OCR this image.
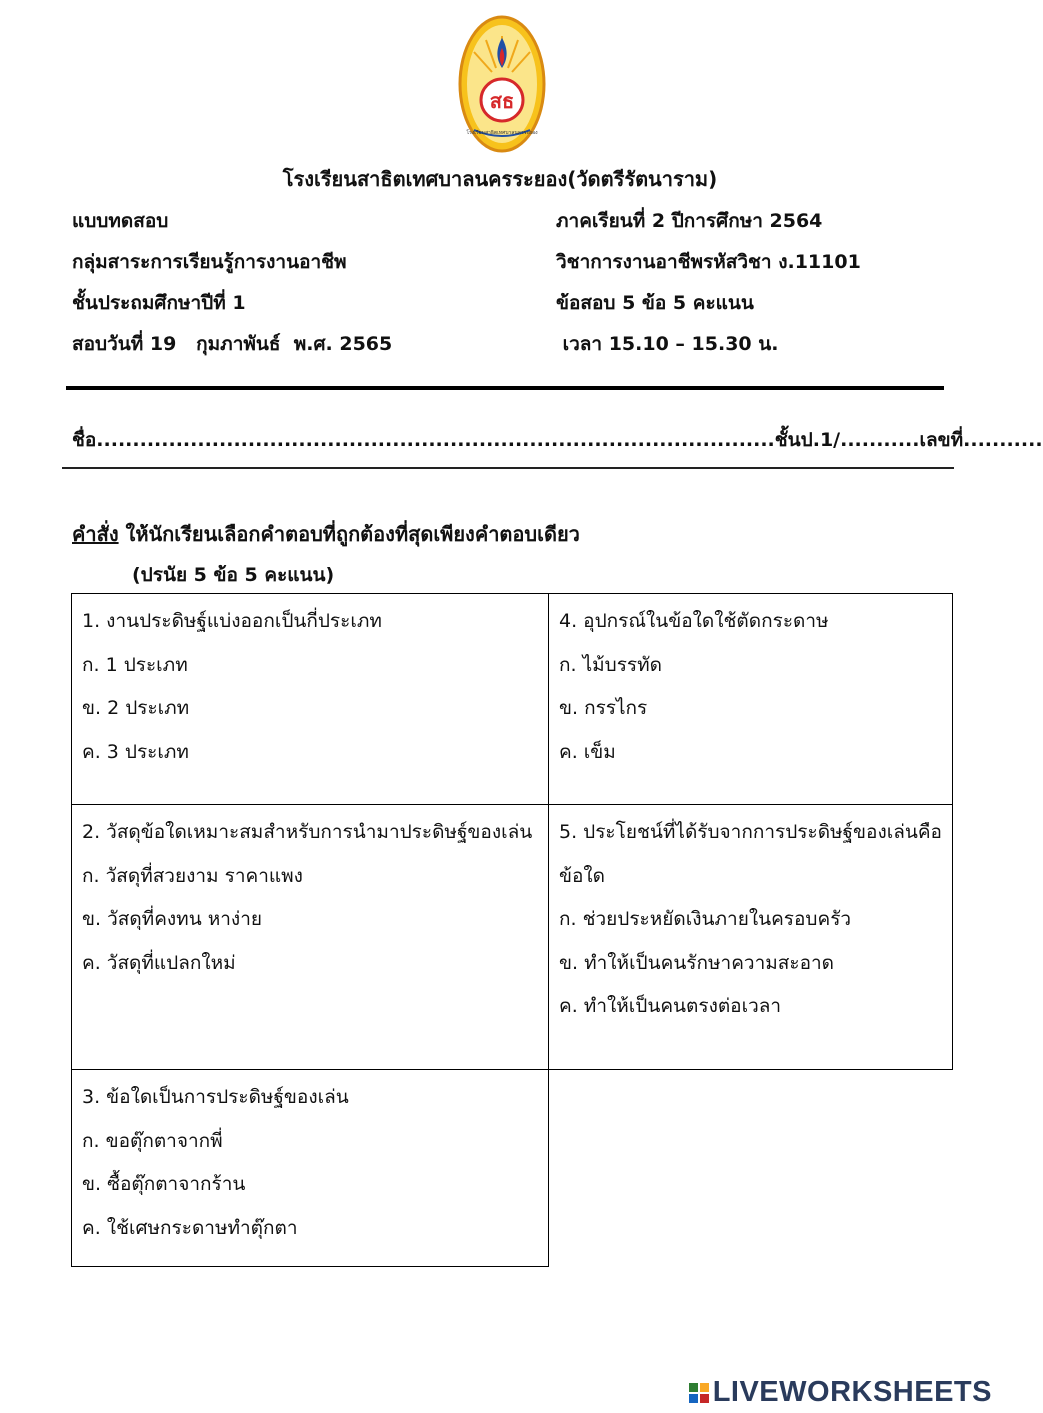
สธ
โรงเรียนสาธิตเทศบาลนครระยอง
โรงเรียนสาธิตเทศบาลนครระยอง(วัดตรีรัตนาราม)
แบบทดสอบ	ภาคเรียนที่ 2 ปีการศึกษา 2564
กลุ่มสาระการเรียนรู้การงานอาชีพ	วิชาการงานอาชีพรหัสวิชา ง.11101
ชั้นประถมศึกษาปีที่ 1	ข้อสอบ 5 ข้อ 5 คะแนน
สอบวันที่ 19   กุมภาพันธ์  พ.ศ. 2565	เวลา 15.10 – 15.30 น.
ชื่อ..............................................................................................ชั้นป.1/...........เลขที่...........
คำสั่ง ให้นักเรียนเลือกคำตอบที่ถูกต้องที่สุดเพียงคำตอบเดียว
(ปรนัย 5 ข้อ 5 คะแนน)
1. งานประดิษฐ์แบ่งออกเป็นกี่ประเภท
ก. 1 ประเภท
ข. 2 ประเภท
ค. 3 ประเภท
4. อุปกรณ์ในข้อใดใช้ตัดกระดาษ
ก. ไม้บรรทัด
ข. กรรไกร
ค. เข็ม
2. วัสดุข้อใดเหมาะสมสำหรับการนำมาประดิษฐ์ของเล่น
ก. วัสดุที่สวยงาม ราคาแพง
ข. วัสดุที่คงทน หาง่าย
ค. วัสดุที่แปลกใหม่
5. ประโยชน์ที่ได้รับจากการประดิษฐ์ของเล่นคือข้อใด
ก. ช่วยประหยัดเงินภายในครอบครัว
ข. ทำให้เป็นคนรักษาความสะอาด
ค. ทำให้เป็นคนตรงต่อเวลา
3. ข้อใดเป็นการประดิษฐ์ของเล่น
ก. ขอตุ๊กตาจากพี่
ข. ซื้อตุ๊กตาจากร้าน
ค. ใช้เศษกระดาษทำตุ๊กตา
LIVEWORKSHEETS
